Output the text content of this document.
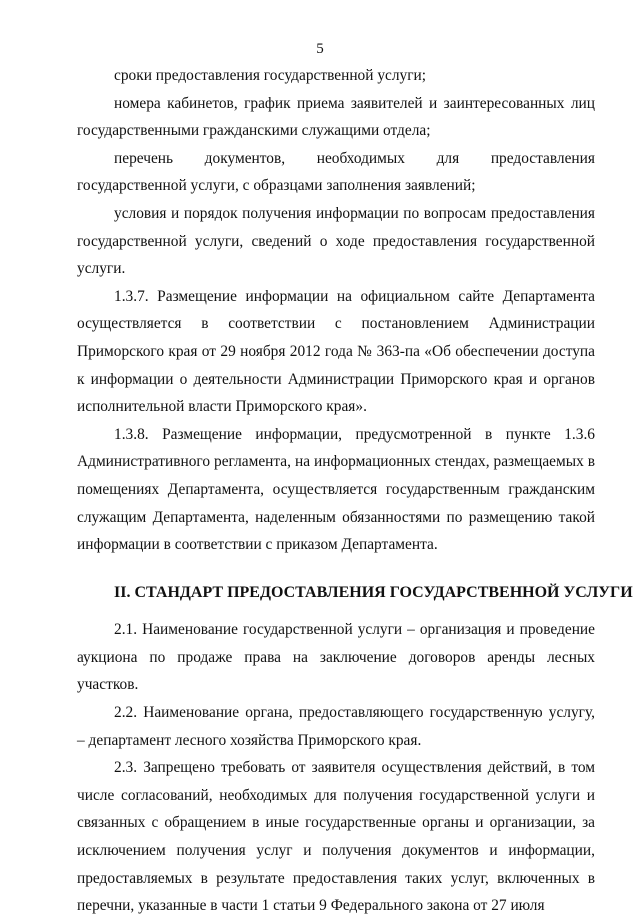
5

сроки предоставления государственной услуги;

номера кабинетов, график приема заявителей и заинтересованных лиц государственными гражданскими служащими отдела;

перечень документов, необходимых для предоставления государственной услуги, с образцами заполнения заявлений;

условия и порядок получения информации по вопросам предоставления государственной услуги, сведений о ходе предоставления государственной услуги.

1.3.7. Размещение информации на официальном сайте Департамента осуществляется в соответствии с постановлением Администрации Приморского края от 29 ноября 2012 года № 363-па «Об обеспечении доступа к информации о деятельности Администрации Приморского края и органов исполнительной власти Приморского края».

1.3.8. Размещение информации, предусмотренной в пункте 1.3.6 Административного регламента, на информационных стендах, размещаемых в помещениях Департамента, осуществляется государственным гражданским служащим Департамента, наделенным обязанностями по размещению такой информации в соответствии с приказом Департамента.

II. СТАНДАРТ ПРЕДОСТАВЛЕНИЯ ГОСУДАРСТВЕННОЙ УСЛУГИ

2.1. Наименование государственной услуги – организация и проведение аукциона по продаже права на заключение договоров аренды лесных участков.

2.2. Наименование органа, предоставляющего государственную услугу, – департамент лесного хозяйства Приморского края.

2.3. Запрещено требовать от заявителя осуществления действий, в том числе согласований, необходимых для получения государственной услуги и связанных с обращением в иные государственные органы и организации, за исключением получения услуг и получения документов и информации, предоставляемых в результате предоставления таких услуг, включенных в перечни, указанные в части 1 статьи 9 Федерального закона от 27 июля
